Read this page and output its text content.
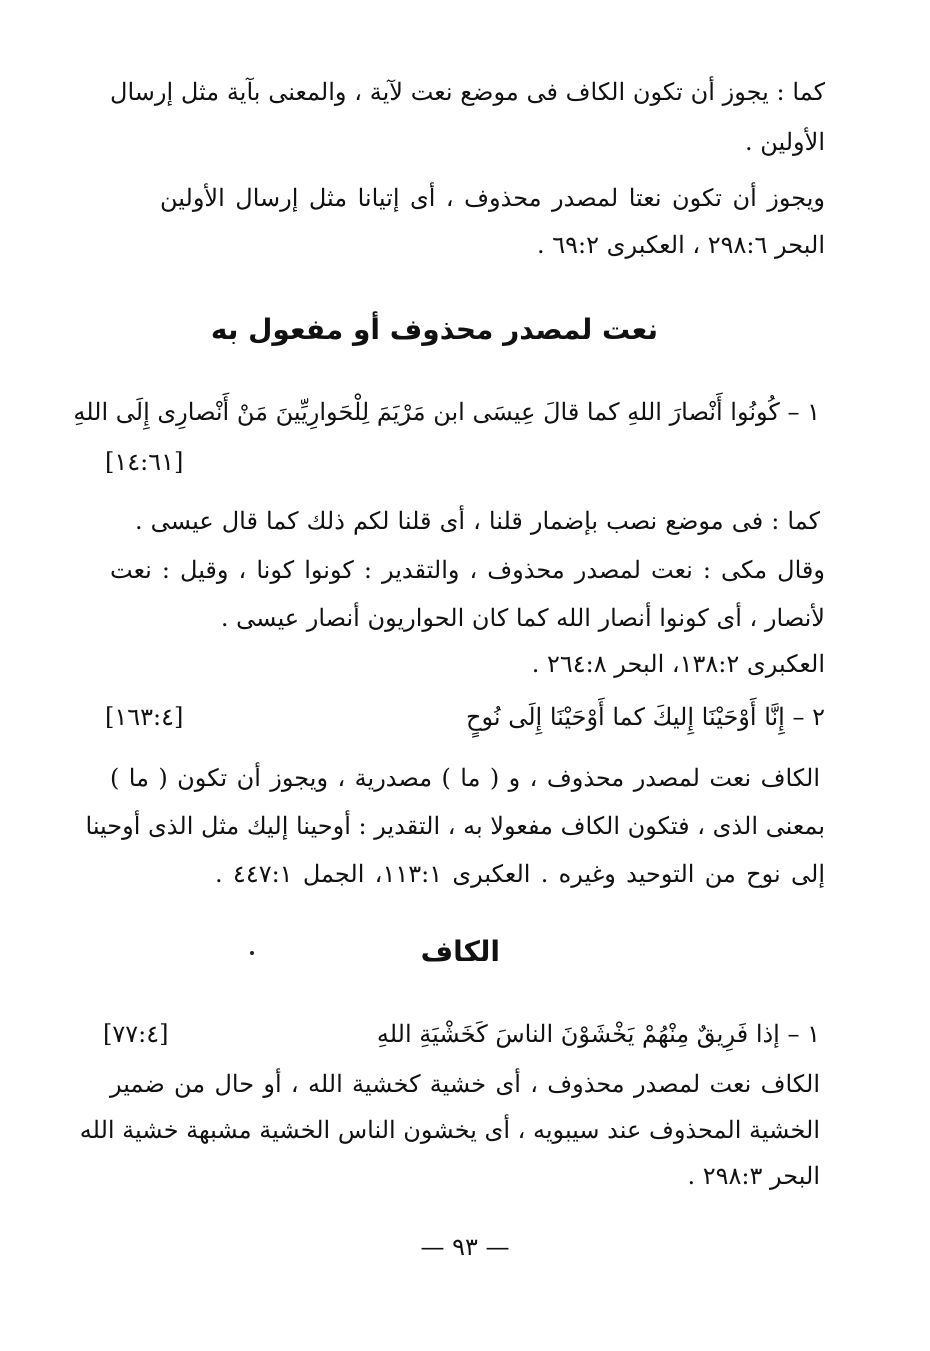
كما : يجوز أن تكون الكاف فى موضع نعت لآية ، والمعنى بآية مثل إرسال
الأولين .
ويجوز أن تكون نعتا لمصدر محذوف ، أى إتيانا مثل إرسال الأولين
البحر ٢٩٨:٦ ، العكبرى ٦٩:٢ .
نعت لمصدر محذوف أو مفعول به
١ – كُونُوا أَنْصارَ اللهِ كما قالَ عِيسَى ابن مَرْيَمَ لِلْحَوارِيِّينَ مَنْ أَنْصارِى إِلَى اللهِ
[١٤:٦١]
كما : فى موضع نصب بإضمار قلنا ، أى قلنا لكم ذلك كما قال عيسى .
وقال مكى : نعت لمصدر محذوف ، والتقدير : كونوا كونا ، وقيل : نعت
لأنصار ، أى كونوا أنصار الله كما كان الحواريون أنصار عيسى .
العكبرى ١٣٨:٢، البحر ٢٦٤:٨ .
٢ – إِنَّا أَوْحَيْنَا إِليكَ كما أَوْحَيْنَا إِلَى نُوحٍ
[١٦٣:٤]
الكاف نعت لمصدر محذوف ، و ( ما ) مصدرية ، ويجوز أن تكون ( ما )
بمعنى الذى ، فتكون الكاف مفعولا به ، التقدير : أوحينا إليك مثل الذى أوحينا
إلى نوح من التوحيد وغيره . العكبرى ١١٣:١، الجمل ٤٤٧:١ .
الكاف
١ – إذا فَرِيقٌ مِنْهُمْ يَخْشَوْنَ الناسَ كَخَشْيَةِ اللهِ
[٧٧:٤]
الكاف نعت لمصدر محذوف ، أى خشية كخشية الله ، أو حال من ضمير
الخشية المحذوف عند سيبويه ، أى يخشون الناس الخشية مشبهة خشية الله
البحر ٢٩٨:٣ .
— ٩٣ —
